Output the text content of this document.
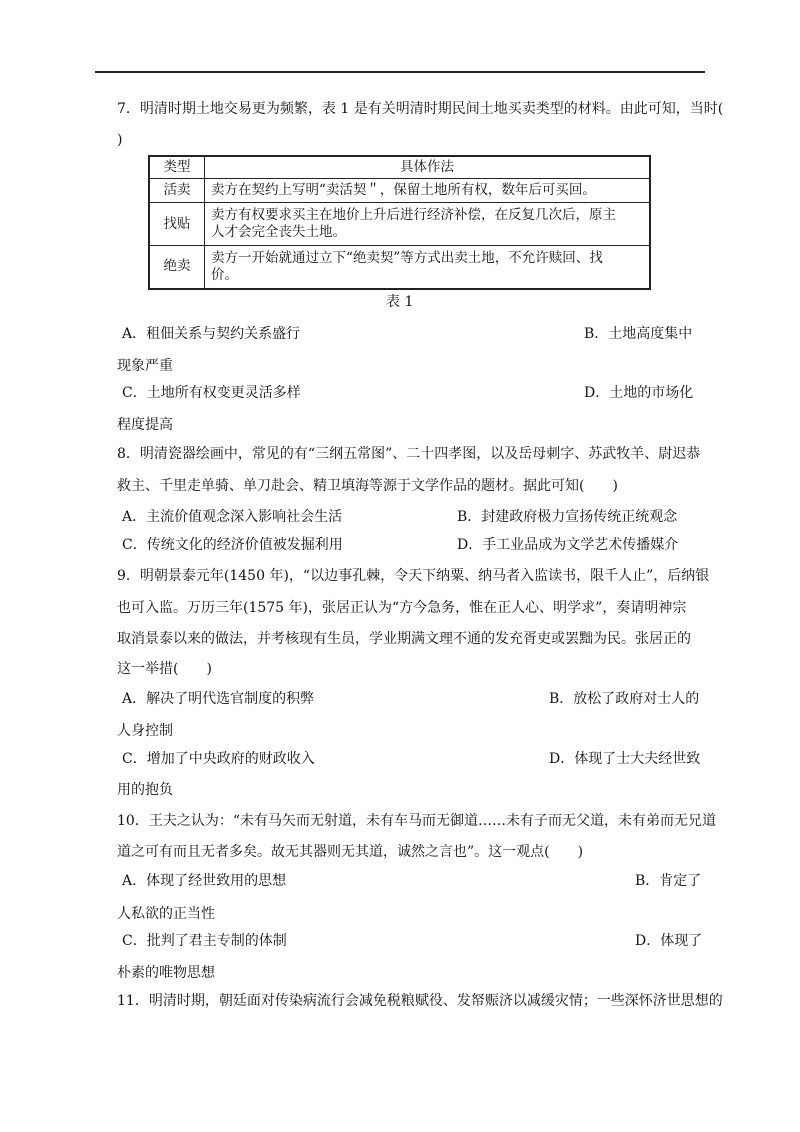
7．明清时期土地交易更为频繁，表 1 是有关明清时期民间土地买卖类型的材料。由此可知，当时(
)
类型	具体作法
活卖	卖方在契约上写明“卖活契＂，保留土地所有权，数年后可买回。
找贴	卖方有权要求买主在地价上升后进行经济补偿，在反复几次后，原主
人才会完全丧失土地。

绝卖	卖方一开始就通过立下“绝卖契”等方式出卖土地，不允许赎回、找
价。
表 1
A．租佃关系与契约关系盛行	B．土地高度集中
现象严重
C．土地所有权变更灵活多样	D．土地的市场化
程度提高
8．明清瓷器绘画中，常见的有“三纲五常图”、二十四孝图，以及岳母刺字、苏武牧羊、尉迟恭
救主、千里走单骑、单刀赴会、精卫填海等源于文学作品的题材。据此可知(　　)
A．主流价值观念深入影响社会生活	B．封建政府极力宣扬传统正统观念
C．传统文化的经济价值被发掘利用	D．手工业品成为文学艺术传播媒介
9．明朝景泰元年(1450 年)，“以边事孔棘，令天下纳粟、纳马者入监读书，限千人止”，后纳银
也可入监。万历三年(1575 年)，张居正认为“方今急务，惟在正人心、明学求”，奏请明神宗
取消景泰以来的做法，并考核现有生员，学业期满文理不通的发充胥吏或罢黜为民。张居正的
这一举措(　　)
A．解决了明代选官制度的积弊	B．放松了政府对士人的
人身控制
C．增加了中央政府的财政收入	D．体现了士大夫经世致
用的抱负
10．王夫之认为：“未有马矢而无射道，未有车马而无御道……未有子而无父道，未有弟而无兄道
道之可有而且无者多矣。故无其器则无其道，诚然之言也”。这一观点(　　)
A．体现了经世致用的思想	B．肯定了
人私欲的正当性
C．批判了君主专制的体制	D．体现了
朴素的唯物思想
11．明清时期，朝廷面对传染病流行会减免税粮赋役、发帑赈济以减缓灾情；一些深怀济世思想的
